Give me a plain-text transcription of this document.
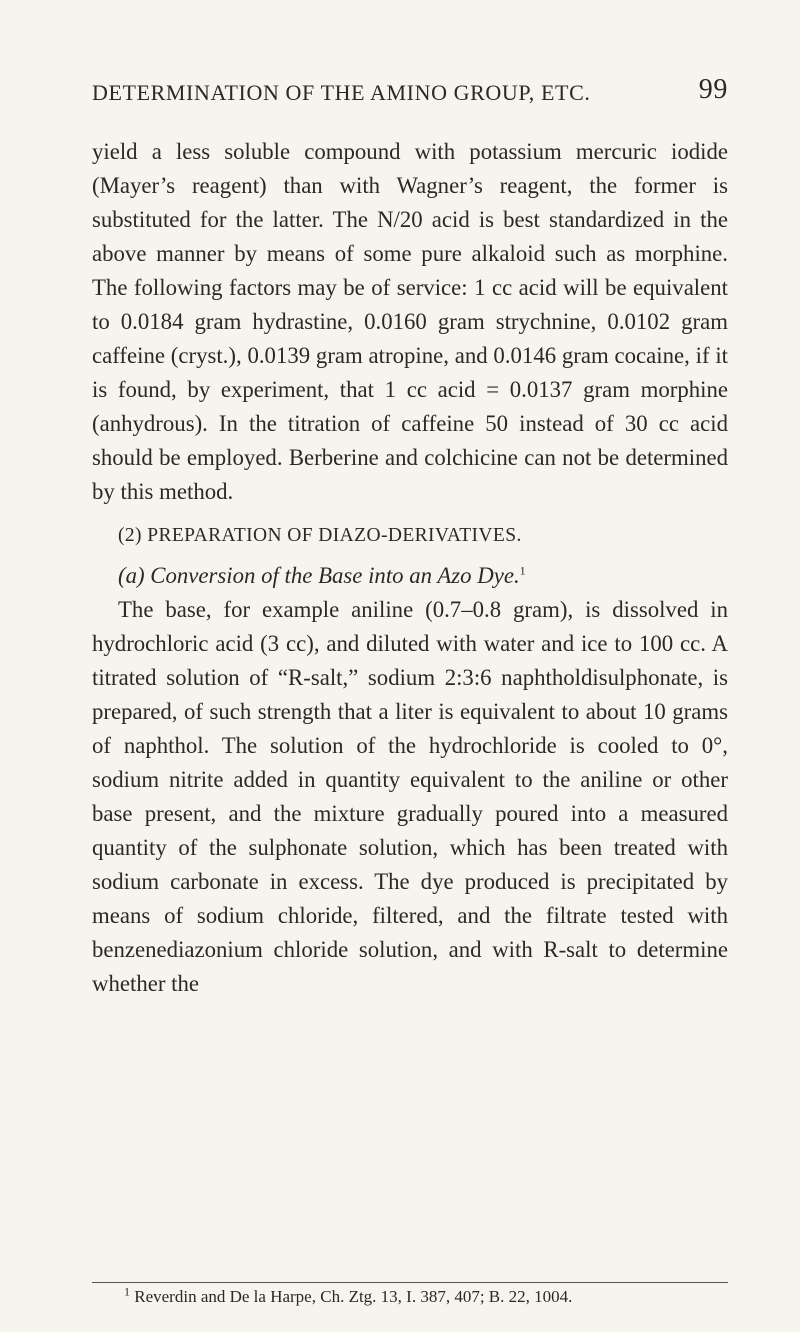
DETERMINATION OF THE AMINO GROUP, ETC.	99

yield a less soluble compound with potassium mercuric iodide (Mayer’s reagent) than with Wagner’s reagent, the former is substituted for the latter. The N/20 acid is best standardized in the above manner by means of some pure alkaloid such as morphine. The following factors may be of service: 1 cc acid will be equivalent to 0.0184 gram hydrastine, 0.0160 gram strychnine, 0.0102 gram caffeine (cryst.), 0.0139 gram atropine, and 0.0146 gram cocaine, if it is found, by experiment, that 1 cc acid = 0.0137 gram morphine (anhydrous). In the titration of caffeine 50 instead of 30 cc acid should be employed. Berberine and colchicine can not be determined by this method.

(2) PREPARATION OF DIAZO-DERIVATIVES.

(a) Conversion of the Base into an Azo Dye.$^1$

The base, for example aniline (0.7–0.8 gram), is dissolved in hydrochloric acid (3 cc), and diluted with water and ice to 100 cc. A titrated solution of “R-salt,” sodium 2:3:6 naphtholdisulphonate, is prepared, of such strength that a liter is equivalent to about 10 grams of naphthol. The solution of the hydrochloride is cooled to 0°, sodium nitrite added in quantity equivalent to the aniline or other base present, and the mixture gradually poured into a measured quantity of the sulphonate solution, which has been treated with sodium carbonate in excess. The dye produced is precipitated by means of sodium chloride, filtered, and the filtrate tested with benzenediazonium chloride solution, and with R-salt to determine whether the

$^1$ Reverdin and De la Harpe, Ch. Ztg. 13, I. 387, 407; B. 22, 1004.
